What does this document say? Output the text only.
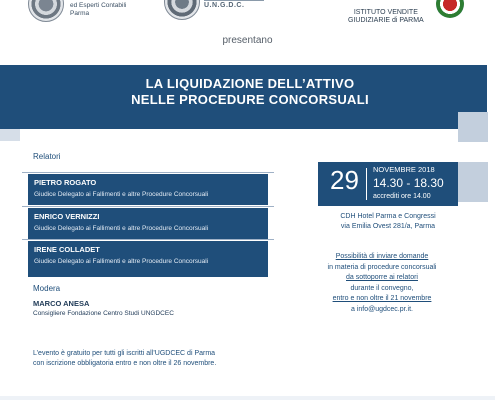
ed Esperti Contabili
Parma
U.N.G.D.C.
ISTITUTO VENDITE
GIUDIZIARIE di PARMA
presentano
LA LIQUIDAZIONE DELL’ATTIVO
NELLE PROCEDURE CONCORSUALI
Relatori
PIETRO ROGATO
Giudice Delegato ai Fallimenti e altre Procedure Concorsuali
ENRICO VERNIZZI
Giudice Delegato ai Fallimenti e altre Procedure Concorsuali
IRENE COLLADET
Giudice Delegato ai Fallimenti e altre Procedure Concorsuali
Modera
MARCO ANESA
Consigliere Fondazione Centro Studi UNGDCEC
L’evento è gratuito per tutti gli iscritti all’UGDCEC di Parma
con iscrizione obbligatoria entro e non oltre il 26 novembre.
29 NOVEMBRE 2018
14.30 - 18.30
accrediti ore 14.00
CDH Hotel Parma e Congressi
via Emilia Ovest 281/a, Parma
Possibilità di inviare domande
in materia di procedure concorsuali
da sottoporre ai relatori
durante il convegno,
entro e non oltre il 21 novembre
a info@ugdcec.pr.it.
